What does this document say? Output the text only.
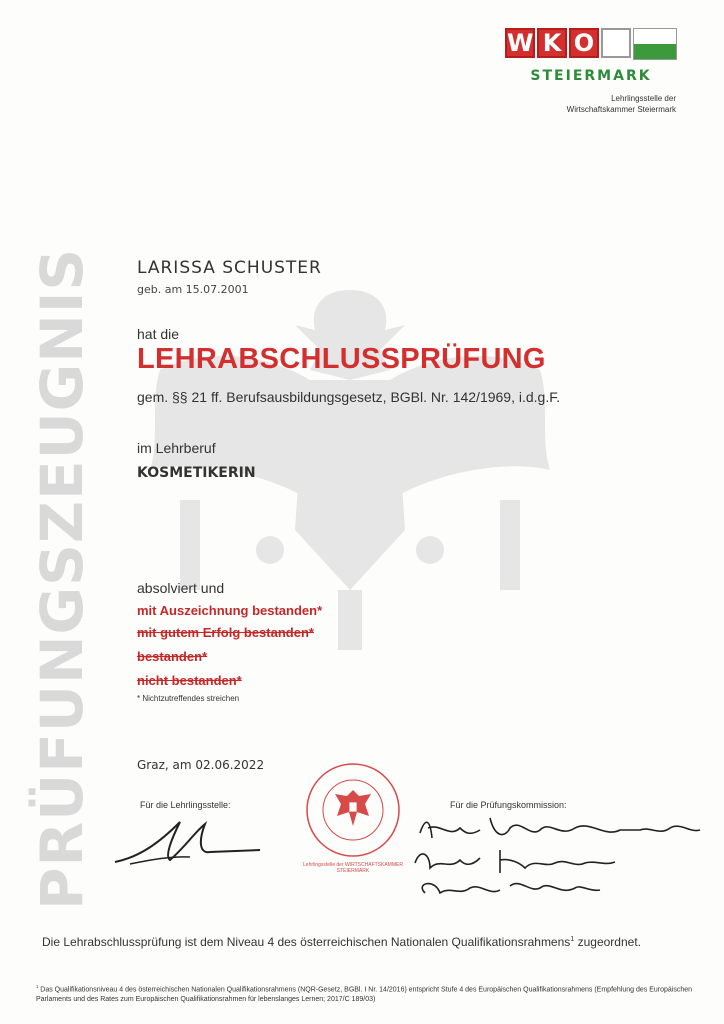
PRÜFUNGSZEUGNIS
W K O
STEIERMARK
Lehrlingsstelle der
Wirtschaftskammer Steiermark
LARISSA SCHUSTER
geb. am 15.07.2001
hat die
LEHRABSCHLUSSPRÜFUNG
gem. §§ 21 ff. Berufsausbildungsgesetz, BGBl. Nr. 142/1969, i.d.g.F.
im Lehrberuf
KOSMETIKERIN
absolviert und
mit Auszeichnung bestanden*
mit gutem Erfolg bestanden*
bestanden*
nicht bestanden*
* Nichtzutreffendes streichen
Graz, am 02.06.2022
Für die Lehrlingsstelle:
Lehrlingsstelle der WIRTSCHAFTSKAMMER STEIERMARK
Für die Prüfungskommission:
Die Lehrabschlussprüfung ist dem Niveau 4 des österreichischen Nationalen Qualifikationsrahmens$^1$ zugeordnet.
$^1$ Das Qualifikationsniveau 4 des österreichischen Nationalen Qualifikationsrahmens (NQR-Gesetz, BGBl. I Nr. 14/2016) entspricht Stufe 4 des Europäischen Qualifikationsrahmens (Empfehlung des Europäischen Parlaments und des Rates zum Europäischen Qualifikationsrahmen für lebenslanges Lernen; 2017/C 189/03)
